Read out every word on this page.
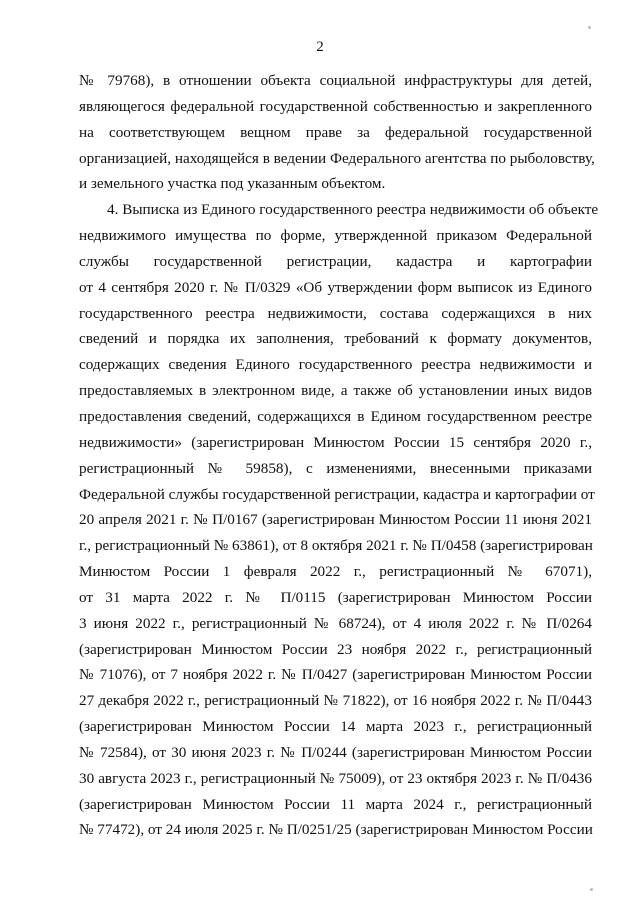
2
№ 79768), в отношении объекта социальной инфраструктуры для детей,
являющегося федеральной государственной собственностью и закрепленного
на соответствующем вещном праве за федеральной государственной
организацией, находящейся в ведении Федерального агентства по рыболовству,
и земельного участка под указанным объектом.
4. Выписка из Единого государственного реестра недвижимости об объекте
недвижимого имущества по форме, утвержденной приказом Федеральной
службы государственной регистрации, кадастра и картографии
от 4 сентября 2020 г. № П/0329 «Об утверждении форм выписок из Единого
государственного реестра недвижимости, состава содержащихся в них
сведений и порядка их заполнения, требований к формату документов,
содержащих сведения Единого государственного реестра недвижимости и
предоставляемых в электронном виде, а также об установлении иных видов
предоставления сведений, содержащихся в Едином государственном реестре
недвижимости» (зарегистрирован Минюстом России 15 сентября 2020 г.,
регистрационный № 59858), с изменениями, внесенными приказами
Федеральной службы государственной регистрации, кадастра и картографии от
20 апреля 2021 г. № П/0167 (зарегистрирован Минюстом России 11 июня 2021
г., регистрационный № 63861), от 8 октября 2021 г. № П/0458 (зарегистрирован
Минюстом России 1 февраля 2022 г., регистрационный № 67071),
от 31 марта 2022 г. № П/0115 (зарегистрирован Минюстом России
3 июня 2022 г., регистрационный № 68724), от 4 июля 2022 г. № П/0264
(зарегистрирован Минюстом России 23 ноября 2022 г., регистрационный
№ 71076), от 7 ноября 2022 г. № П/0427 (зарегистрирован Минюстом России
27 декабря 2022 г., регистрационный № 71822), от 16 ноября 2022 г. № П/0443
(зарегистрирован Минюстом России 14 марта 2023 г., регистрационный
№ 72584), от 30 июня 2023 г. № П/0244 (зарегистрирован Минюстом России
30 августа 2023 г., регистрационный № 75009), от 23 октября 2023 г. № П/0436
(зарегистрирован Минюстом России 11 марта 2024 г., регистрационный
№ 77472), от 24 июля 2025 г. № П/0251/25 (зарегистрирован Минюстом России
